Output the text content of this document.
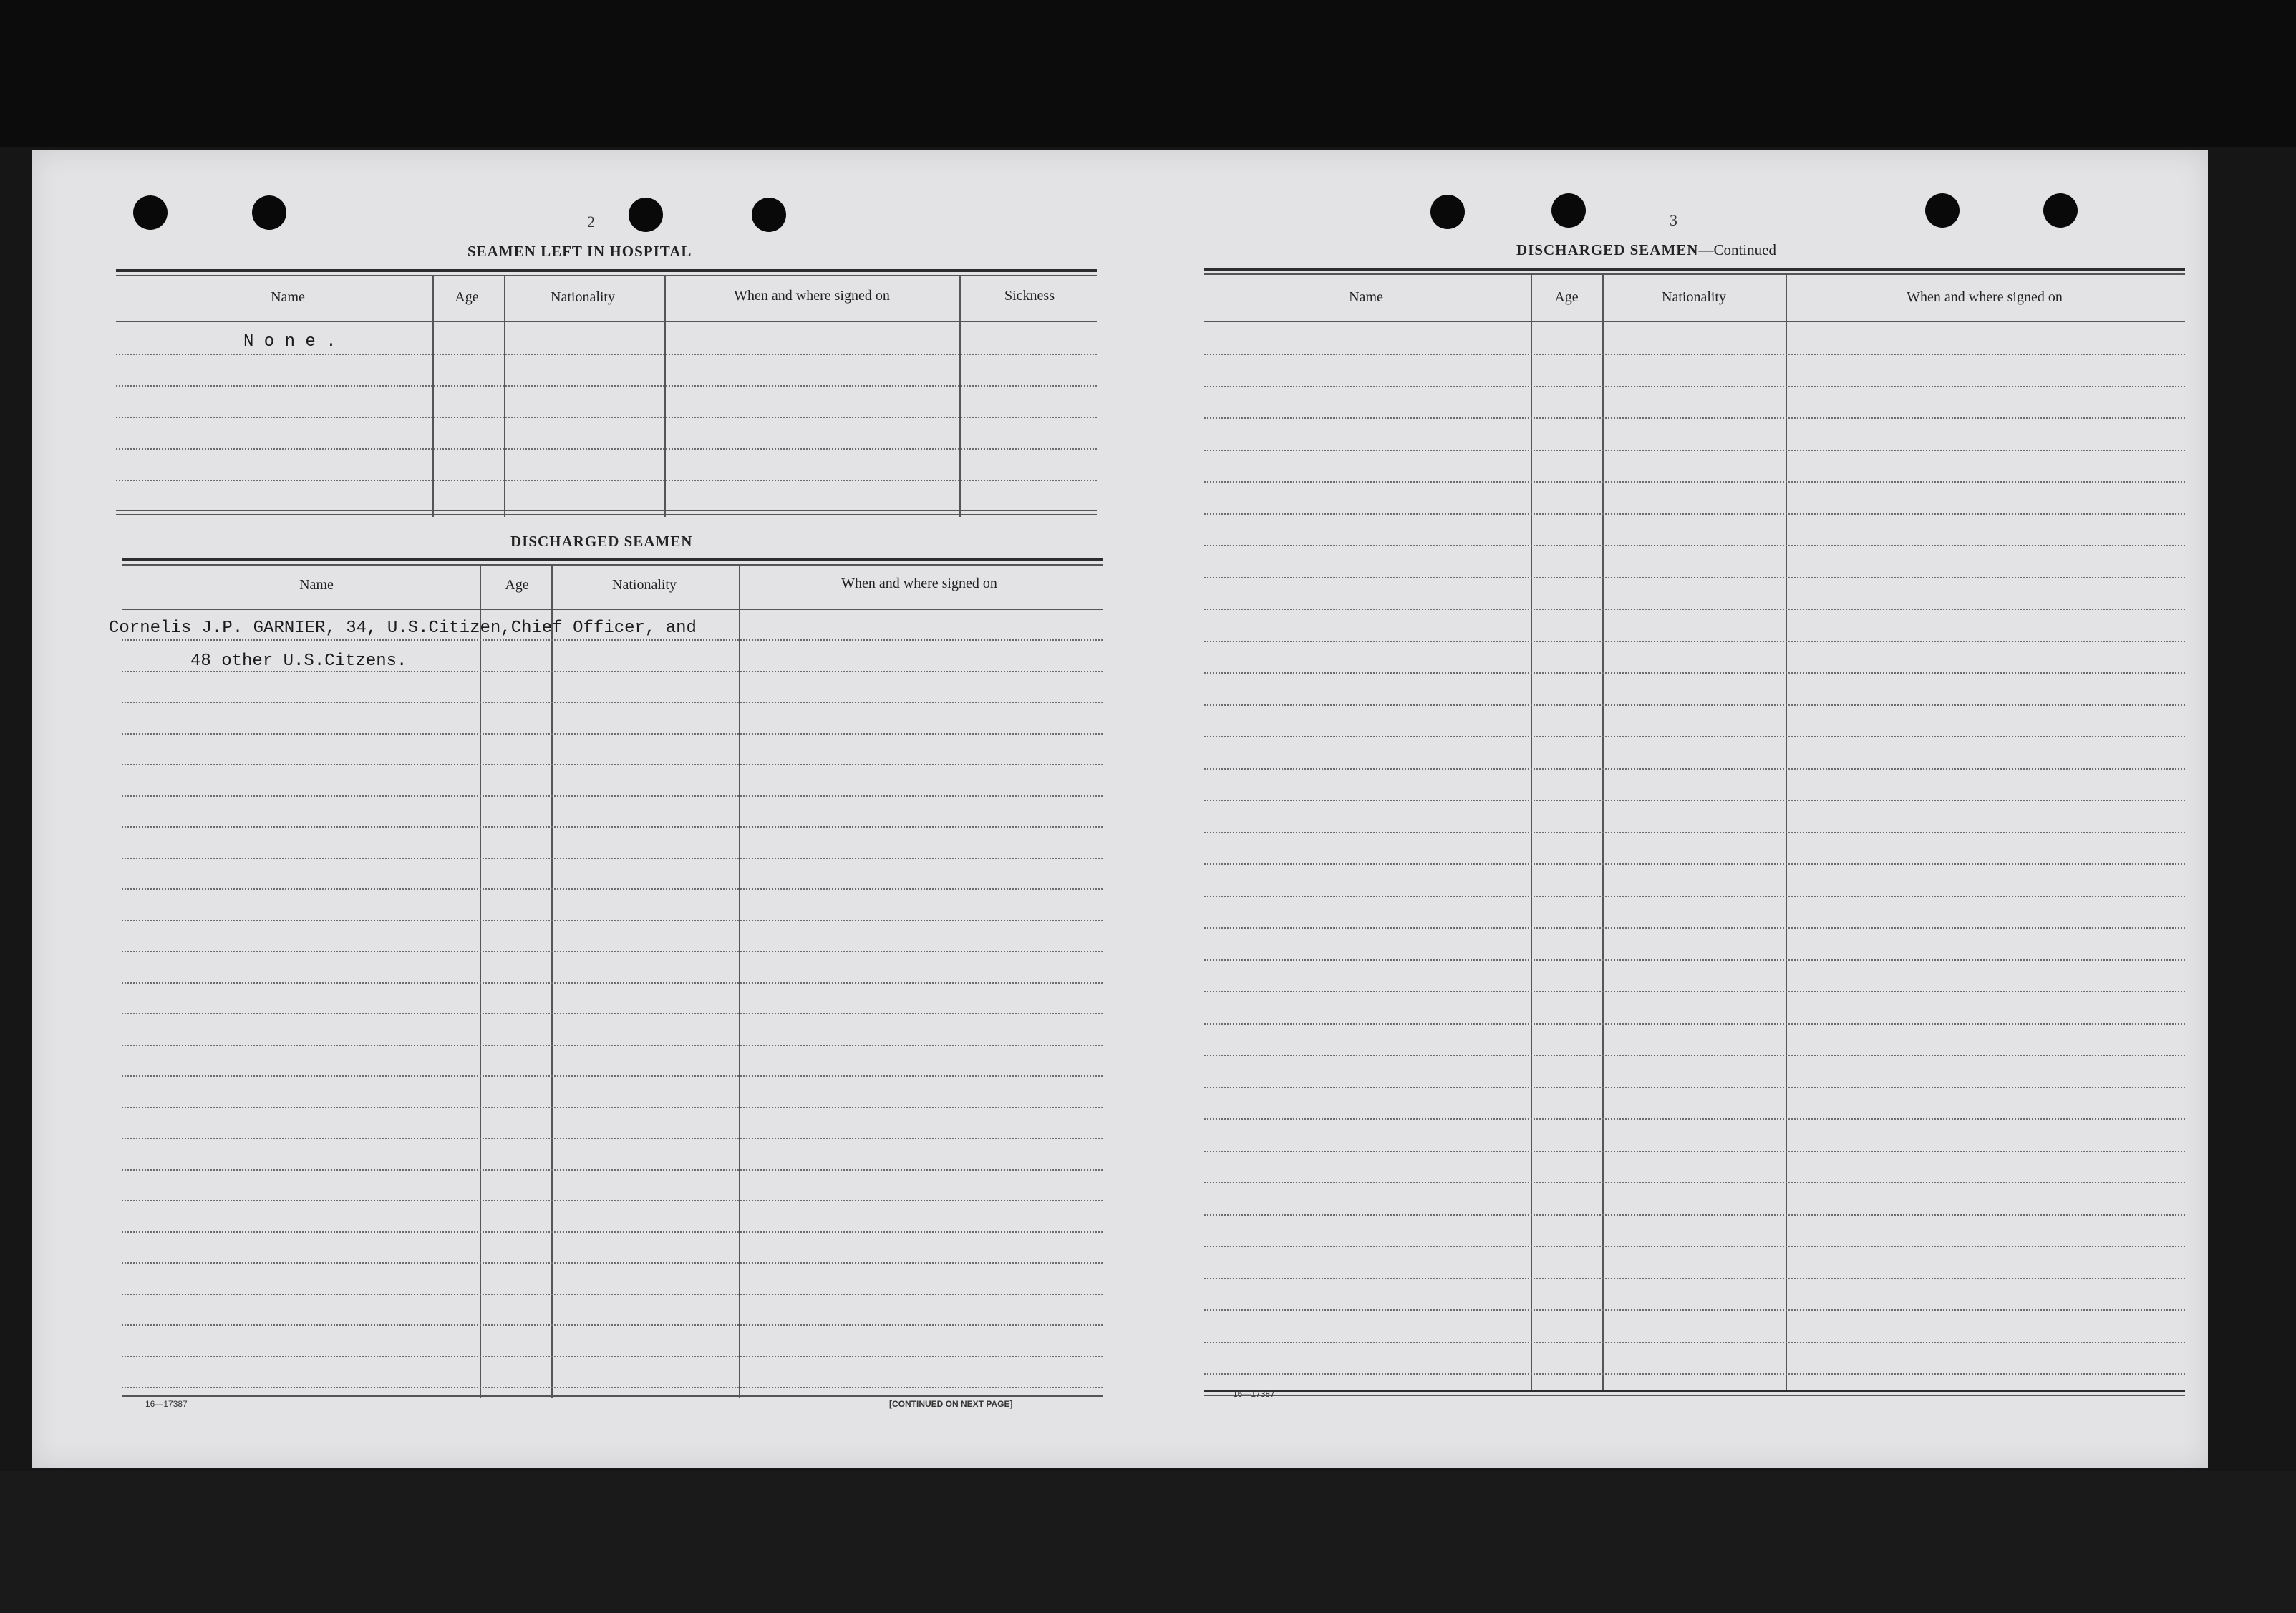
2
SEAMEN LEFT IN HOSPITAL
Name	Age	Nationality	When and where signed on	Sickness
N o n e .
DISCHARGED SEAMEN
Name	Age	Nationality	When and where signed on
Cornelis J.P. GARNIER, 34, U.S.Citizen,Chief Officer, and
48 other U.S.Citzens.
16—17387	[CONTINUED ON NEXT PAGE]
3
DISCHARGED SEAMEN—Continued
Name	Age	Nationality	When and where signed on
16—17387
